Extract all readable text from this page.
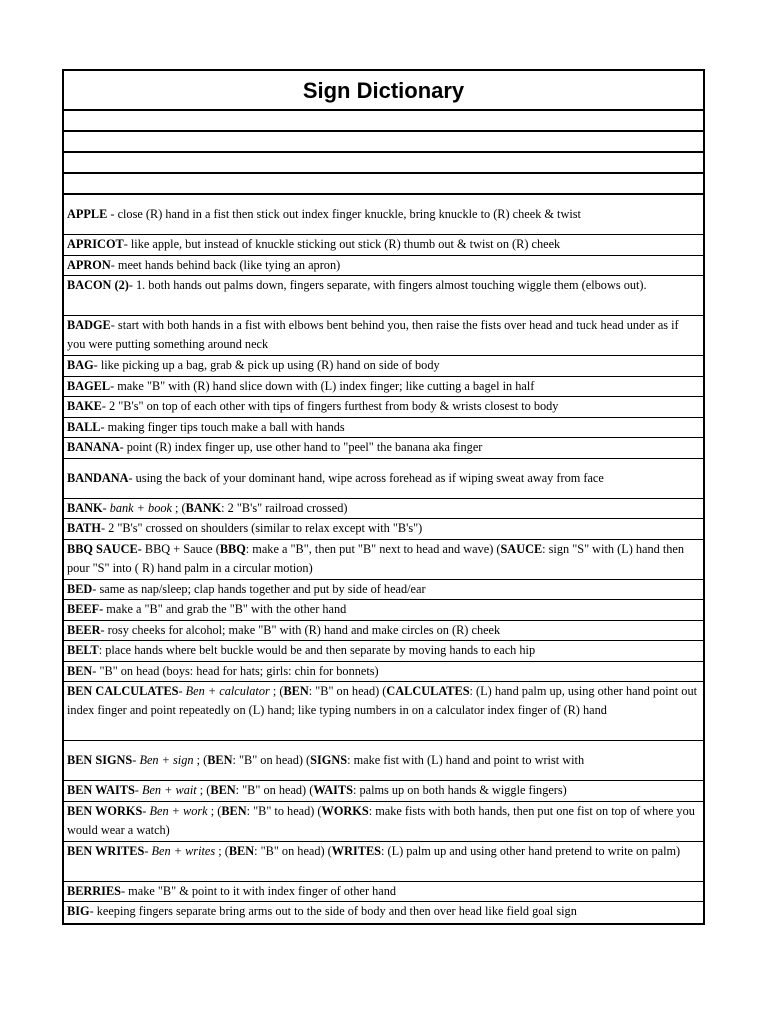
Sign Dictionary
APPLE - close (R) hand in a fist then stick out index finger knuckle, bring knuckle to (R) cheek & twist
APRICOT- like apple, but instead of knuckle sticking out stick (R) thumb out & twist on (R) cheek
APRON- meet hands behind back (like tying an apron)
BACON (2)- 1. both hands out palms down, fingers separate, with fingers almost touching wiggle them (elbows out).
BADGE- start with both hands in a fist with elbows bent behind you, then raise the fists over head and tuck head under as if you were putting something around neck
BAG- like picking up a bag, grab & pick up using (R) hand on side of body
BAGEL- make "B" with (R) hand slice down with (L) index finger; like cutting a bagel in half
BAKE- 2 "B's" on top of each other with tips of fingers furthest from body & wrists closest to body
BALL- making finger tips touch make a ball with hands
BANANA- point (R) index finger up, use other hand to "peel" the banana aka finger
BANDANA- using the back of your dominant hand, wipe across forehead as if wiping sweat away from face
BANK- bank + book ; (BANK: 2 "B's" railroad crossed)
BATH- 2 "B's" crossed on shoulders (similar to relax except with "B's")
BBQ SAUCE- BBQ + Sauce (BBQ: make a "B", then put "B" next to head and wave) (SAUCE: sign "S" with (L) hand then pour "S" into ( R) hand palm in a circular motion)
BED- same as nap/sleep; clap hands together and put by side of head/ear
BEEF- make a "B" and grab the "B" with the other hand
BEER- rosy cheeks for alcohol; make "B" with (R) hand and make circles on (R) cheek
BELT: place hands where belt buckle would be and then separate by moving hands to each hip
BEN- "B" on head (boys: head for hats; girls: chin for bonnets)
BEN CALCULATES- Ben + calculator ; (BEN: "B" on head) (CALCULATES: (L) hand palm up, using other hand point out index finger and point repeatedly on (L) hand; like typing numbers in on a calculator index finger of (R) hand
BEN SIGNS- Ben + sign ; (BEN: "B" on head) (SIGNS: make fist with (L) hand and point to wrist with
BEN WAITS- Ben + wait ; (BEN: "B" on head) (WAITS: palms up on both hands & wiggle fingers)
BEN WORKS- Ben + work ; (BEN: "B" to head) (WORKS: make fists with both hands, then put one fist on top of where you would wear a watch)
BEN WRITES- Ben + writes ; (BEN: "B" on head) (WRITES: (L) palm up and using other hand pretend to write on palm)
BERRIES- make "B" & point to it with index finger of other hand
BIG- keeping fingers separate bring arms out to the side of body and then over head like field goal sign
